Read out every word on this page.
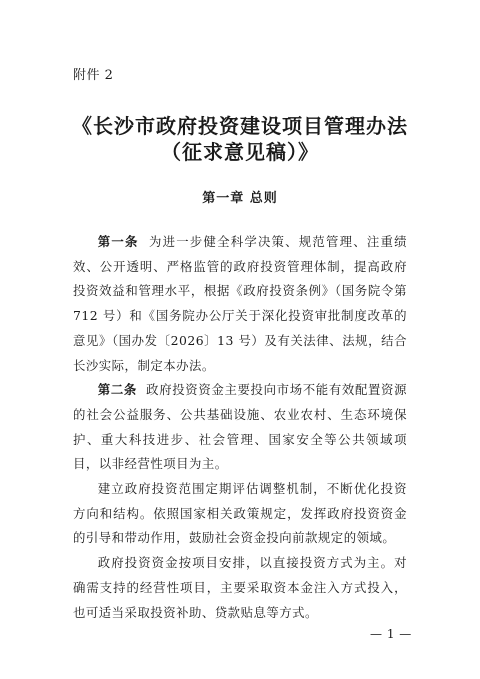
附件 2
《长沙市政府投资建设项目管理办法
（征求意见稿）》
第一章 总则

第一条 为进一步健全科学决策、规范管理、注重绩效、公开透明、严格监管的政府投资管理体制，提高政府投资效益和管理水平，根据《政府投资条例》（国务院令第 712 号）和《国务院办公厅关于深化投资审批制度改革的意见》（国办发〔2026〕13 号）及有关法律、法规，结合长沙实际，制定本办法。

第二条 政府投资资金主要投向市场不能有效配置资源的社会公益服务、公共基础设施、农业农村、生态环境保护、重大科技进步、社会管理、国家安全等公共领域项目，以非经营性项目为主。

建立政府投资范围定期评估调整机制，不断优化投资方向和结构。依照国家相关政策规定，发挥政府投资资金的引导和带动作用，鼓励社会资金投向前款规定的领域。

政府投资资金按项目安排，以直接投资方式为主。对确需支持的经营性项目，主要采取资本金注入方式投入，也可适当采取投资补助、贷款贴息等方式。

— 1 —
